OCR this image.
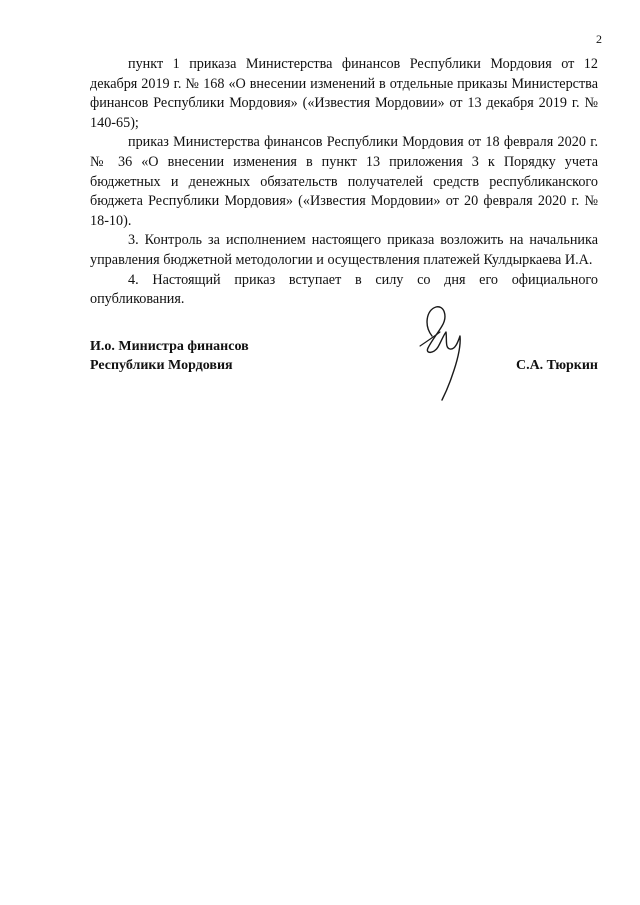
2

пункт 1 приказа Министерства финансов Республики Мордовия от 12 декабря 2019 г. № 168 «О внесении изменений в отдельные приказы Министерства финансов Республики Мордовия» («Известия Мордовии» от 13 декабря 2019 г. № 140-65);

приказ Министерства финансов Республики Мордовия от 18 февраля 2020 г. № 36 «О внесении изменения в пункт 13 приложения 3 к Порядку учета бюджетных и денежных обязательств получателей средств республиканского бюджета Республики Мордовия» («Известия Мордовии» от 20 февраля 2020 г. № 18-10).

3. Контроль за исполнением настоящего приказа возложить на начальника управления бюджетной методологии и осуществления платежей Кулдыркаева И.А.

4. Настоящий приказ вступает в силу со дня его официального опубликования.

И.о. Министра финансов
Республики Мордовия	С.А. Тюркин
